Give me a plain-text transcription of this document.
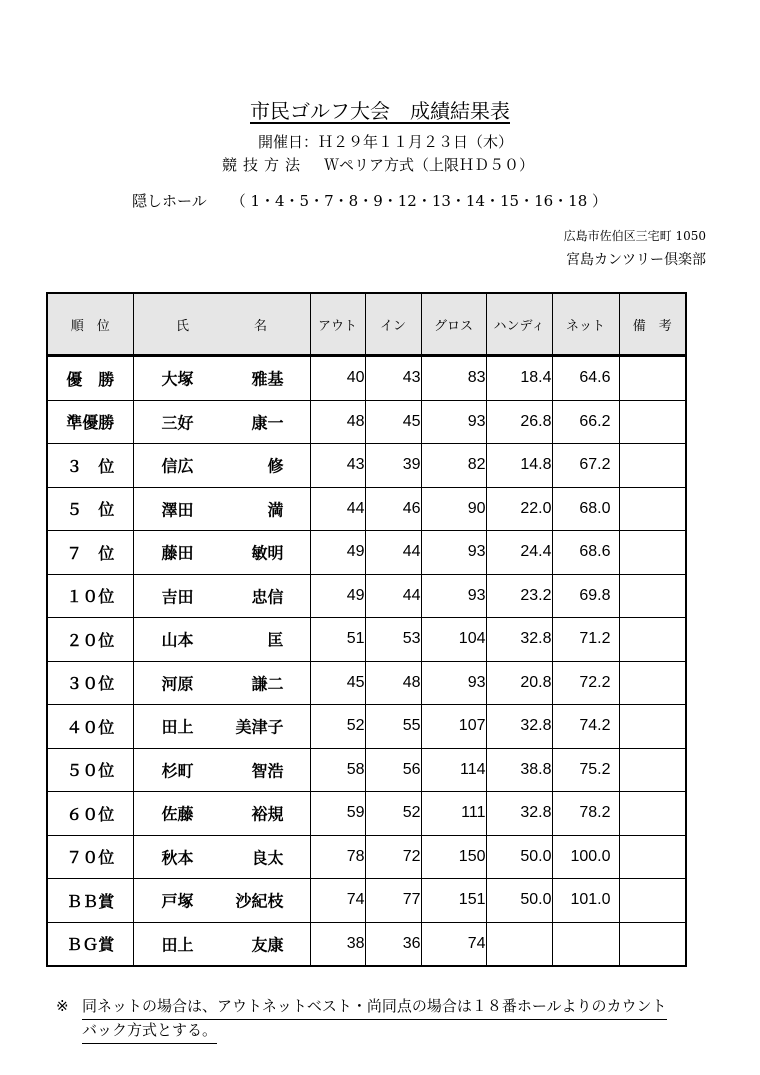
市民ゴルフ大会　成績結果表
開催日：Ｈ２９年１１月２３日（木）
競技方法 Ｗペリア方式（上限ＨＤ５０）
隠しホール （ 1・4・5・7・8・9・12・13・14・15・16・18 ）
広島市佐伯区三宅町 1050
宮島カンツリー倶楽部
順　位	氏　　　　　名	アウト	イン	グロス	ハンディ	ネット	備　考
優　勝	大塚 雅基	40	43	83	18.4	64.6	
準優勝	三好 康一	48	45	93	26.8	66.2	
３　位	信広 修	43	39	82	14.8	67.2	
５　位	澤田 満	44	46	90	22.0	68.0	
７　位	藤田 敏明	49	44	93	24.4	68.6	
１０位	吉田 忠信	49	44	93	23.2	69.8	
２０位	山本 匡	51	53	104	32.8	71.2	
３０位	河原 謙二	45	48	93	20.8	72.2	
４０位	田上 美津子	52	55	107	32.8	74.2	
５０位	杉町 智浩	58	56	114	38.8	75.2	
６０位	佐藤 裕規	59	52	111	32.8	78.2	
７０位	秋本 良太	78	72	150	50.0	100.0	
ＢＢ賞	戸塚 沙紀枝	74	77	151	50.0	101.0	
ＢＧ賞	田上 友康	38	36	74			
※ 同ネットの場合は、アウトネットベスト・尚同点の場合は１８番ホールよりのカウント
バック方式とする。
